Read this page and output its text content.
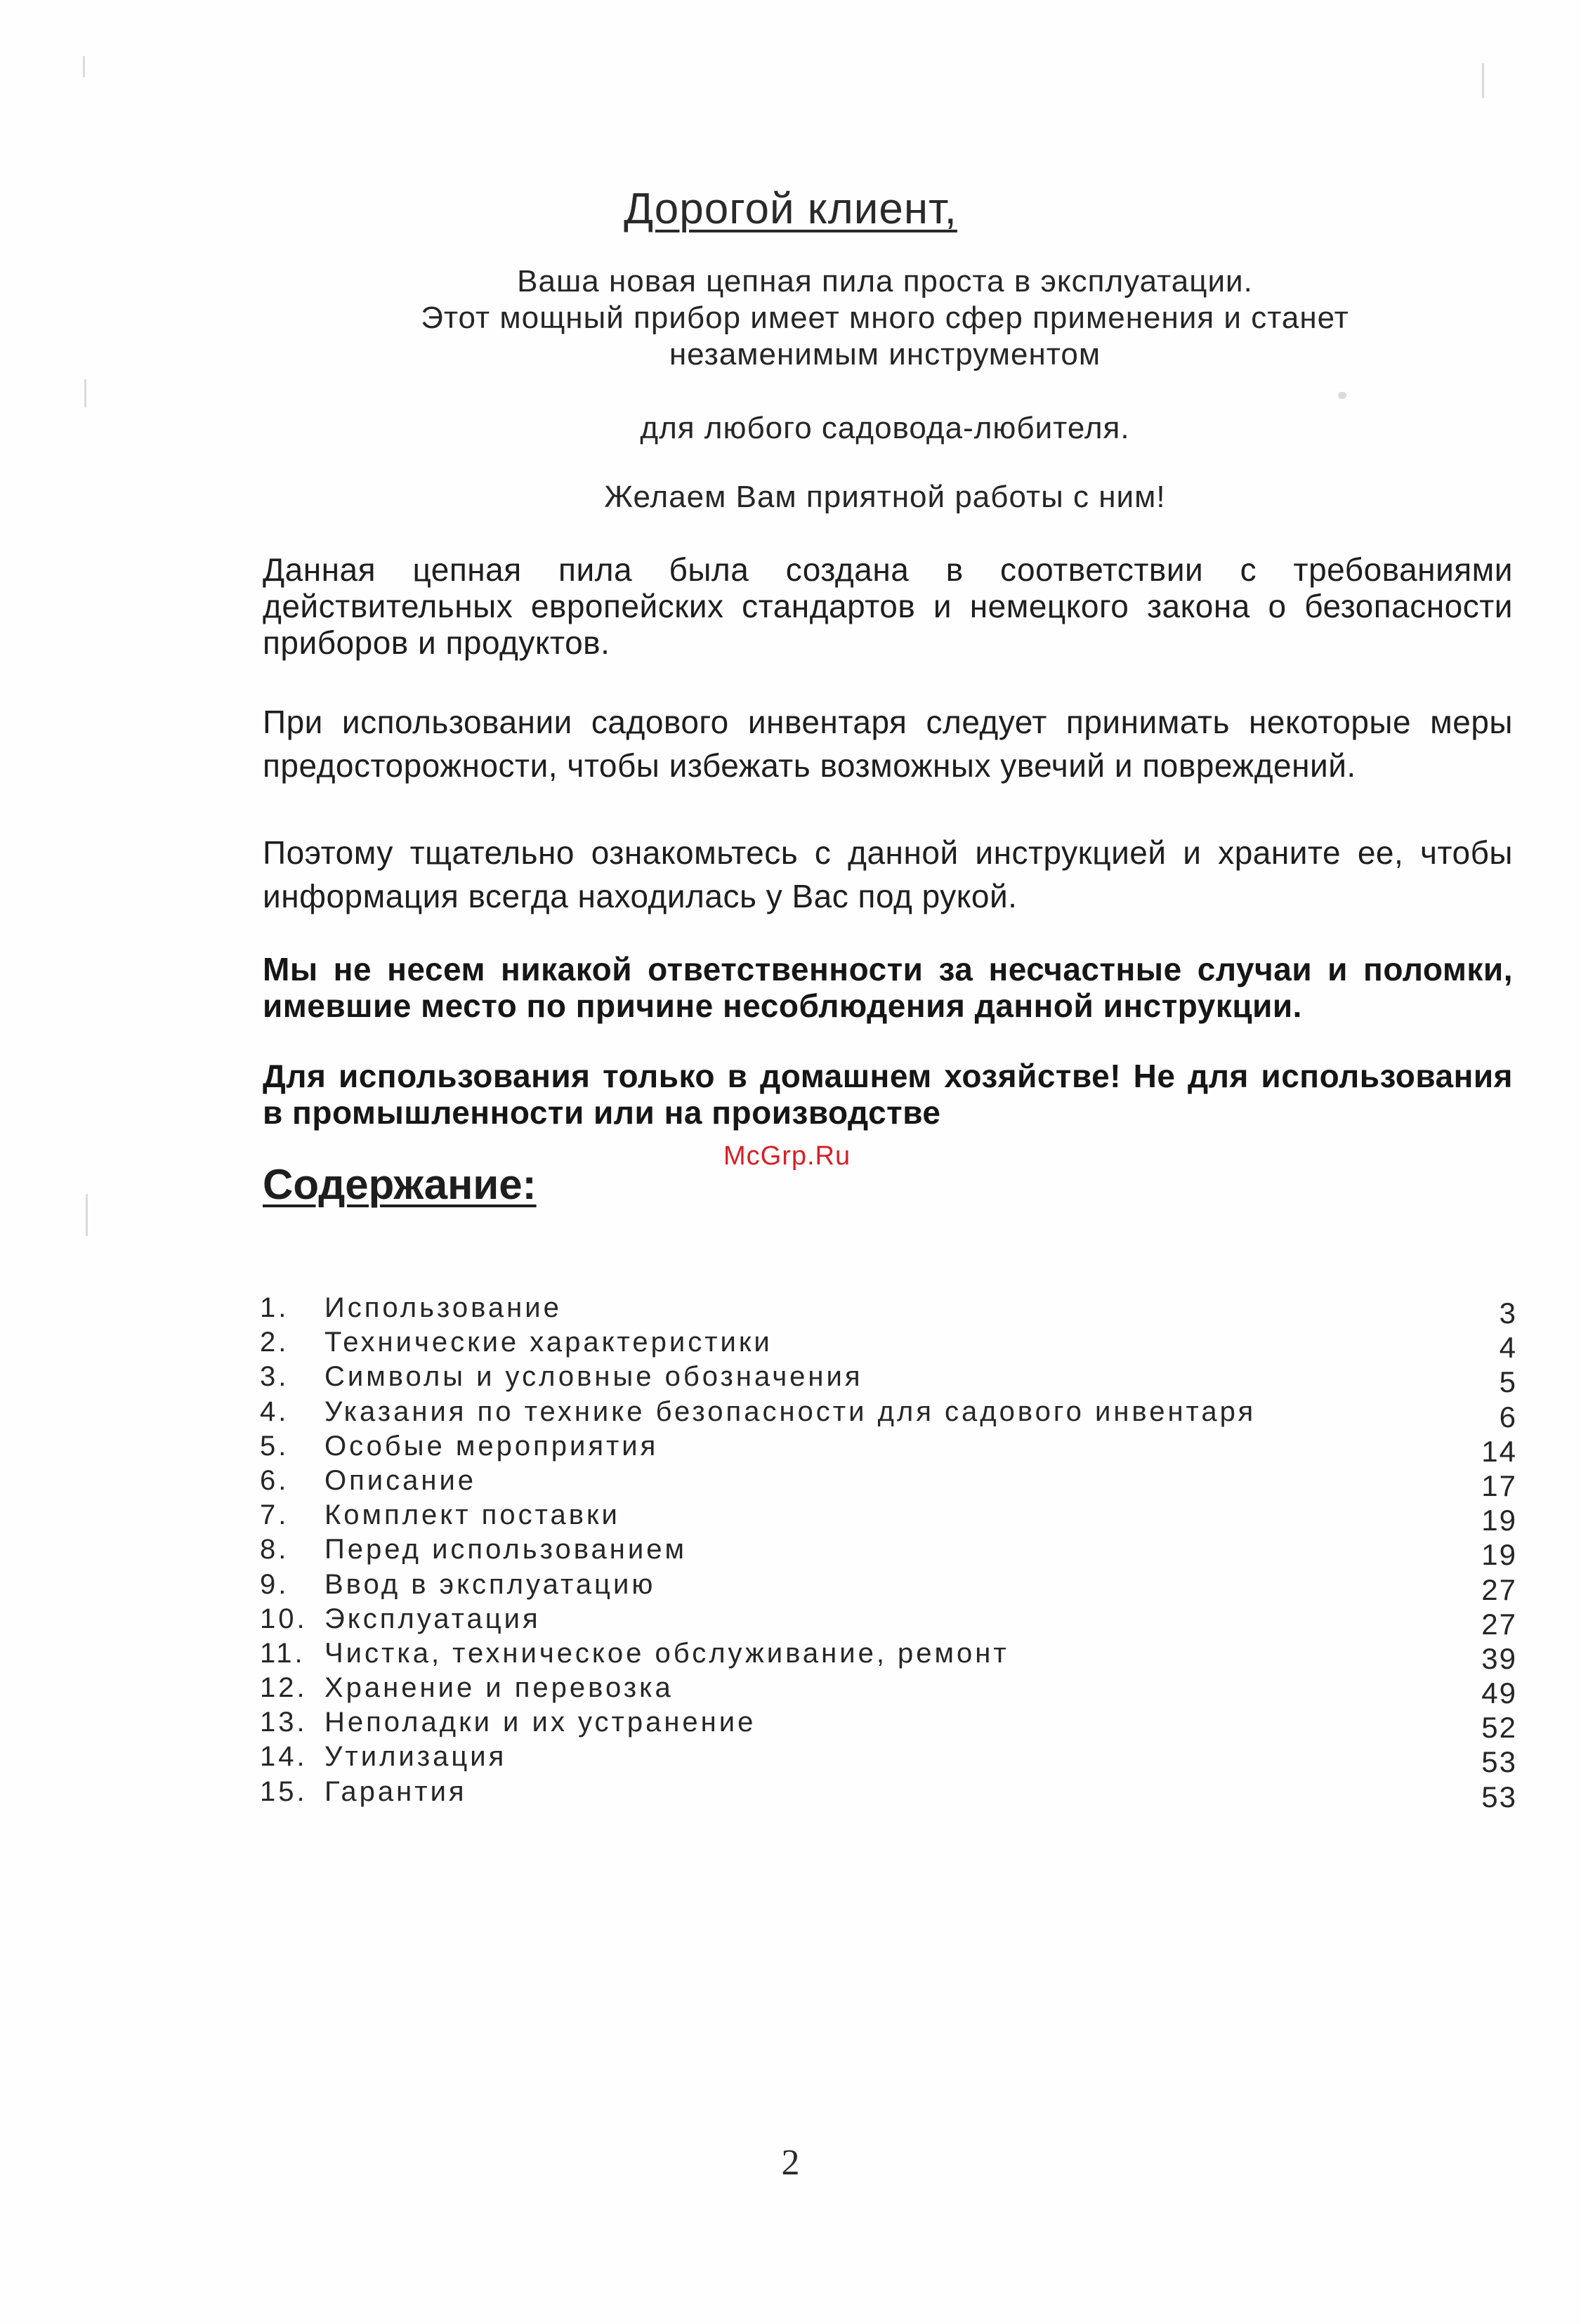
Дорогой клиент,
Ваша новая цепная пила проста в эксплуатации.
Этот мощный прибор имеет много сфер применения и станет
незаменимым инструментом
для любого садовода-любителя.
Желаем Вам приятной работы с ним!
Данная цепная пила была создана в соответствии с требованиями действительных европейских стандартов и немецкого закона о безопасности приборов и продуктов.
При использовании садового инвентаря следует принимать некоторые меры предосторожности, чтобы избежать возможных увечий и повреждений.
Поэтому тщательно ознакомьтесь с данной инструкцией и храните ее, чтобы информация всегда находилась у Вас под рукой.
Мы не несем никакой ответственности за несчастные случаи и поломки, имевшие место по причине несоблюдения данной инструкции.
Для использования только в домашнем хозяйстве! Не для использования в промышленности или на производстве
McGrp.Ru
Содержание:
1. Использование	3
2. Технические характеристики	4
3. Символы и условные обозначения	5
4. Указания по технике безопасности для садового инвентаря	6
5. Особые мероприятия	14
6. Описание	17
7. Комплект поставки	19
8. Перед использованием	19
9. Ввод в эксплуатацию	27
10. Эксплуатация	27
11. Чистка, техническое обслуживание, ремонт	39
12. Хранение и перевозка	49
13. Неполадки и их устранение	52
14. Утилизация	53
15. Гарантия	53
2
